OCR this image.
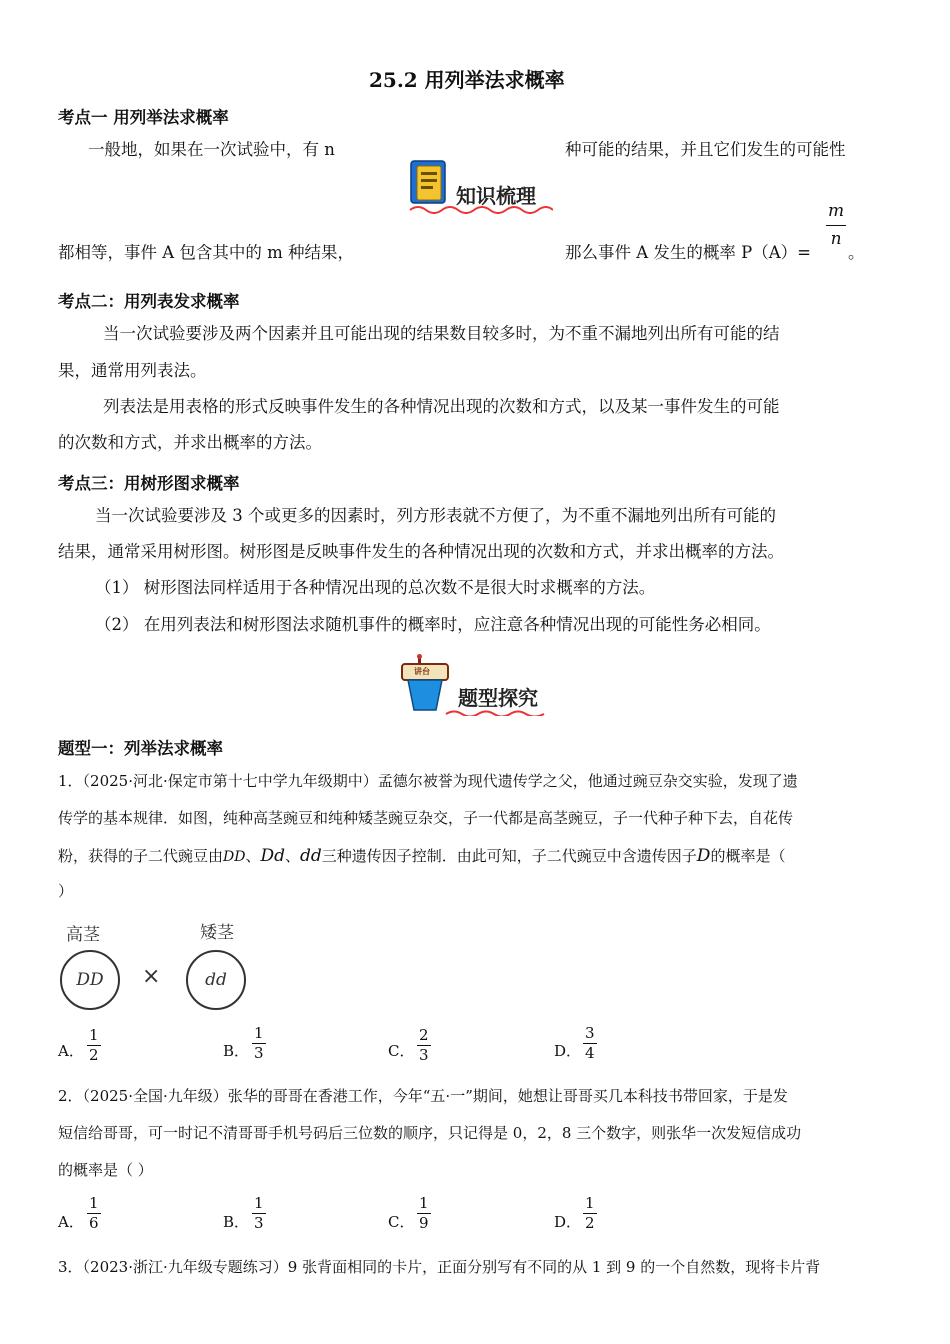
25.2 用列举法求概率
考点一 用列举法求概率
一般地，如果在一次试验中，有 n	种可能的结果，并且它们发生的可能性
知识梳理
都相等，事件 A 包含其中的 m 种结果，	那么事件 A 发生的概率 P（A）=
m
n
。
考点二：用列表发求概率
当一次试验要涉及两个因素并且可能出现的结果数目较多时，为不重不漏地列出所有可能的结
果，通常用列表法。
列表法是用表格的形式反映事件发生的各种情况出现的次数和方式，以及某一事件发生的可能
的次数和方式，并求出概率的方法。
考点三：用树形图求概率
当一次试验要涉及 3 个或更多的因素时，列方形表就不方便了，为不重不漏地列出所有可能的
结果，通常采用树形图。树形图是反映事件发生的各种情况出现的次数和方式，并求出概率的方法。
（1） 树形图法同样适用于各种情况出现的总次数不是很大时求概率的方法。
（2） 在用列表法和树形图法求随机事件的概率时，应注意各种情况出现的可能性务必相同。
讲台
题型探究
题型一：列举法求概率
1．（2025·河北·保定市第十七中学九年级期中）孟德尔被誉为现代遗传学之父，他通过豌豆杂交实验，发现了遗
传学的基本规律．如图，纯种高茎豌豆和纯种矮茎豌豆杂交，子一代都是高茎豌豆，子一代种子种下去，自花传
粉，获得的子二代豌豆由DD、Dd、dd三种遗传因子控制．由此可知，子二代豌豆中含遗传因子D的概率是（
）
高茎	矮茎
DD ×	dd
A．
1
2	B．
1
3	C．
2
3	D．
3
4
2．（2025·全国·九年级）张华的哥哥在香港工作，今年“五·一”期间，她想让哥哥买几本科技书带回家，于是发
短信给哥哥，可一时记不清哥哥手机号码后三位数的顺序，只记得是 0，2，8 三个数字，则张华一次发短信成功
的概率是（ ）
A．
1
6	B．
1
3	C．
1
9	D．
1
2
3．（2023·浙江·九年级专题练习）9 张背面相同的卡片，正面分别写有不同的从 1 到 9 的一个自然数，现将卡片背
